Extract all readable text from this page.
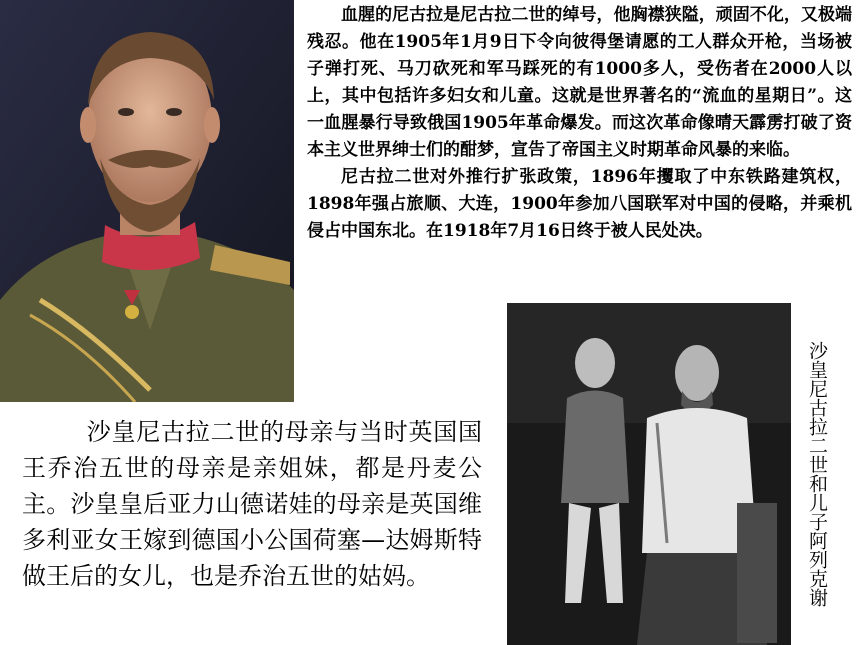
血腥的尼古拉是尼古拉二世的绰号，他胸襟狭隘，顽固不化，又极端残忍。他在1905年1月9日下令向彼得堡请愿的工人群众开枪，当场被子弹打死、马刀砍死和军马踩死的有1000多人，受伤者在2000人以上，其中包括许多妇女和儿童。这就是世界著名的“流血的星期日”。这一血腥暴行导致俄国1905年革命爆发。而这次革命像晴天霹雳打破了资本主义世界绅士们的酣梦，宣告了帝国主义时期革命风暴的来临。

尼古拉二世对外推行扩张政策，1896年攫取了中东铁路建筑权，1898年强占旅顺、大连，1900年参加八国联军对中国的侵略，并乘机侵占中国东北。在1918年7月16日终于被人民处决。

沙皇尼古拉二世和儿子阿列克谢
沙皇尼古拉二世的母亲与当时英国国王乔治五世的母亲是亲姐妹，都是丹麦公主。沙皇皇后亚力山德诺娃的母亲是英国维多利亚女王嫁到德国小公国荷塞—达姆斯特做王后的女儿，也是乔治五世的姑妈。
